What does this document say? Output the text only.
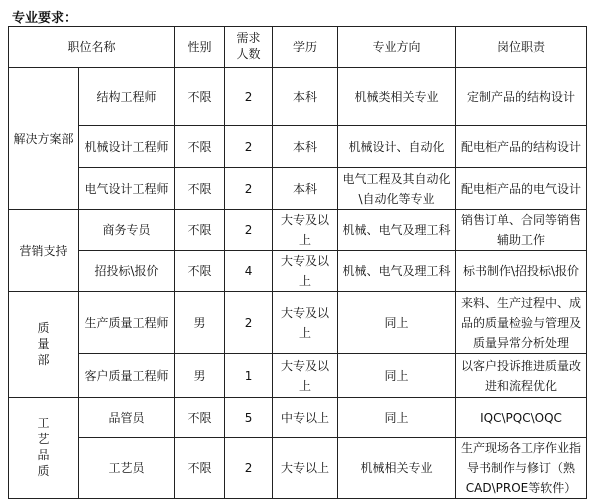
专业要求：
职位名称		性别	需求人数	学历	专业方向	岗位职责
解决方案部	结构工程师	不限	2	本科	机械类相关专业	定制产品的结构设计
	机械设计工程师	不限	2	本科	机械设计、自动化	配电柜产品的结构设计
	电气设计工程师	不限	2	本科	电气工程及其自动化\自动化等专业	配电柜产品的电气设计
营销支持	商务专员	不限	2	大专及以上	机械、电气及理工科	销售订单、合同等销售辅助工作
	招投标\报价	不限	4	大专及以上	机械、电气及理工科	标书制作\招投标\报价
质量部	生产质量工程师	男	2	大专及以上	同上	来料、生产过程中、成品的质量检验与管理及质量异常分析处理
	客户质量工程师	男	1	大专及以上	同上	以客户投诉推进质量改进和流程优化
工艺品质	品管员	不限	5	中专以上	同上	IQC\PQC\OQC
	工艺员	不限	2	大专以上	机械相关专业	生产现场各工序作业指导书制作与修订（熟CAD\PROE等软件）
